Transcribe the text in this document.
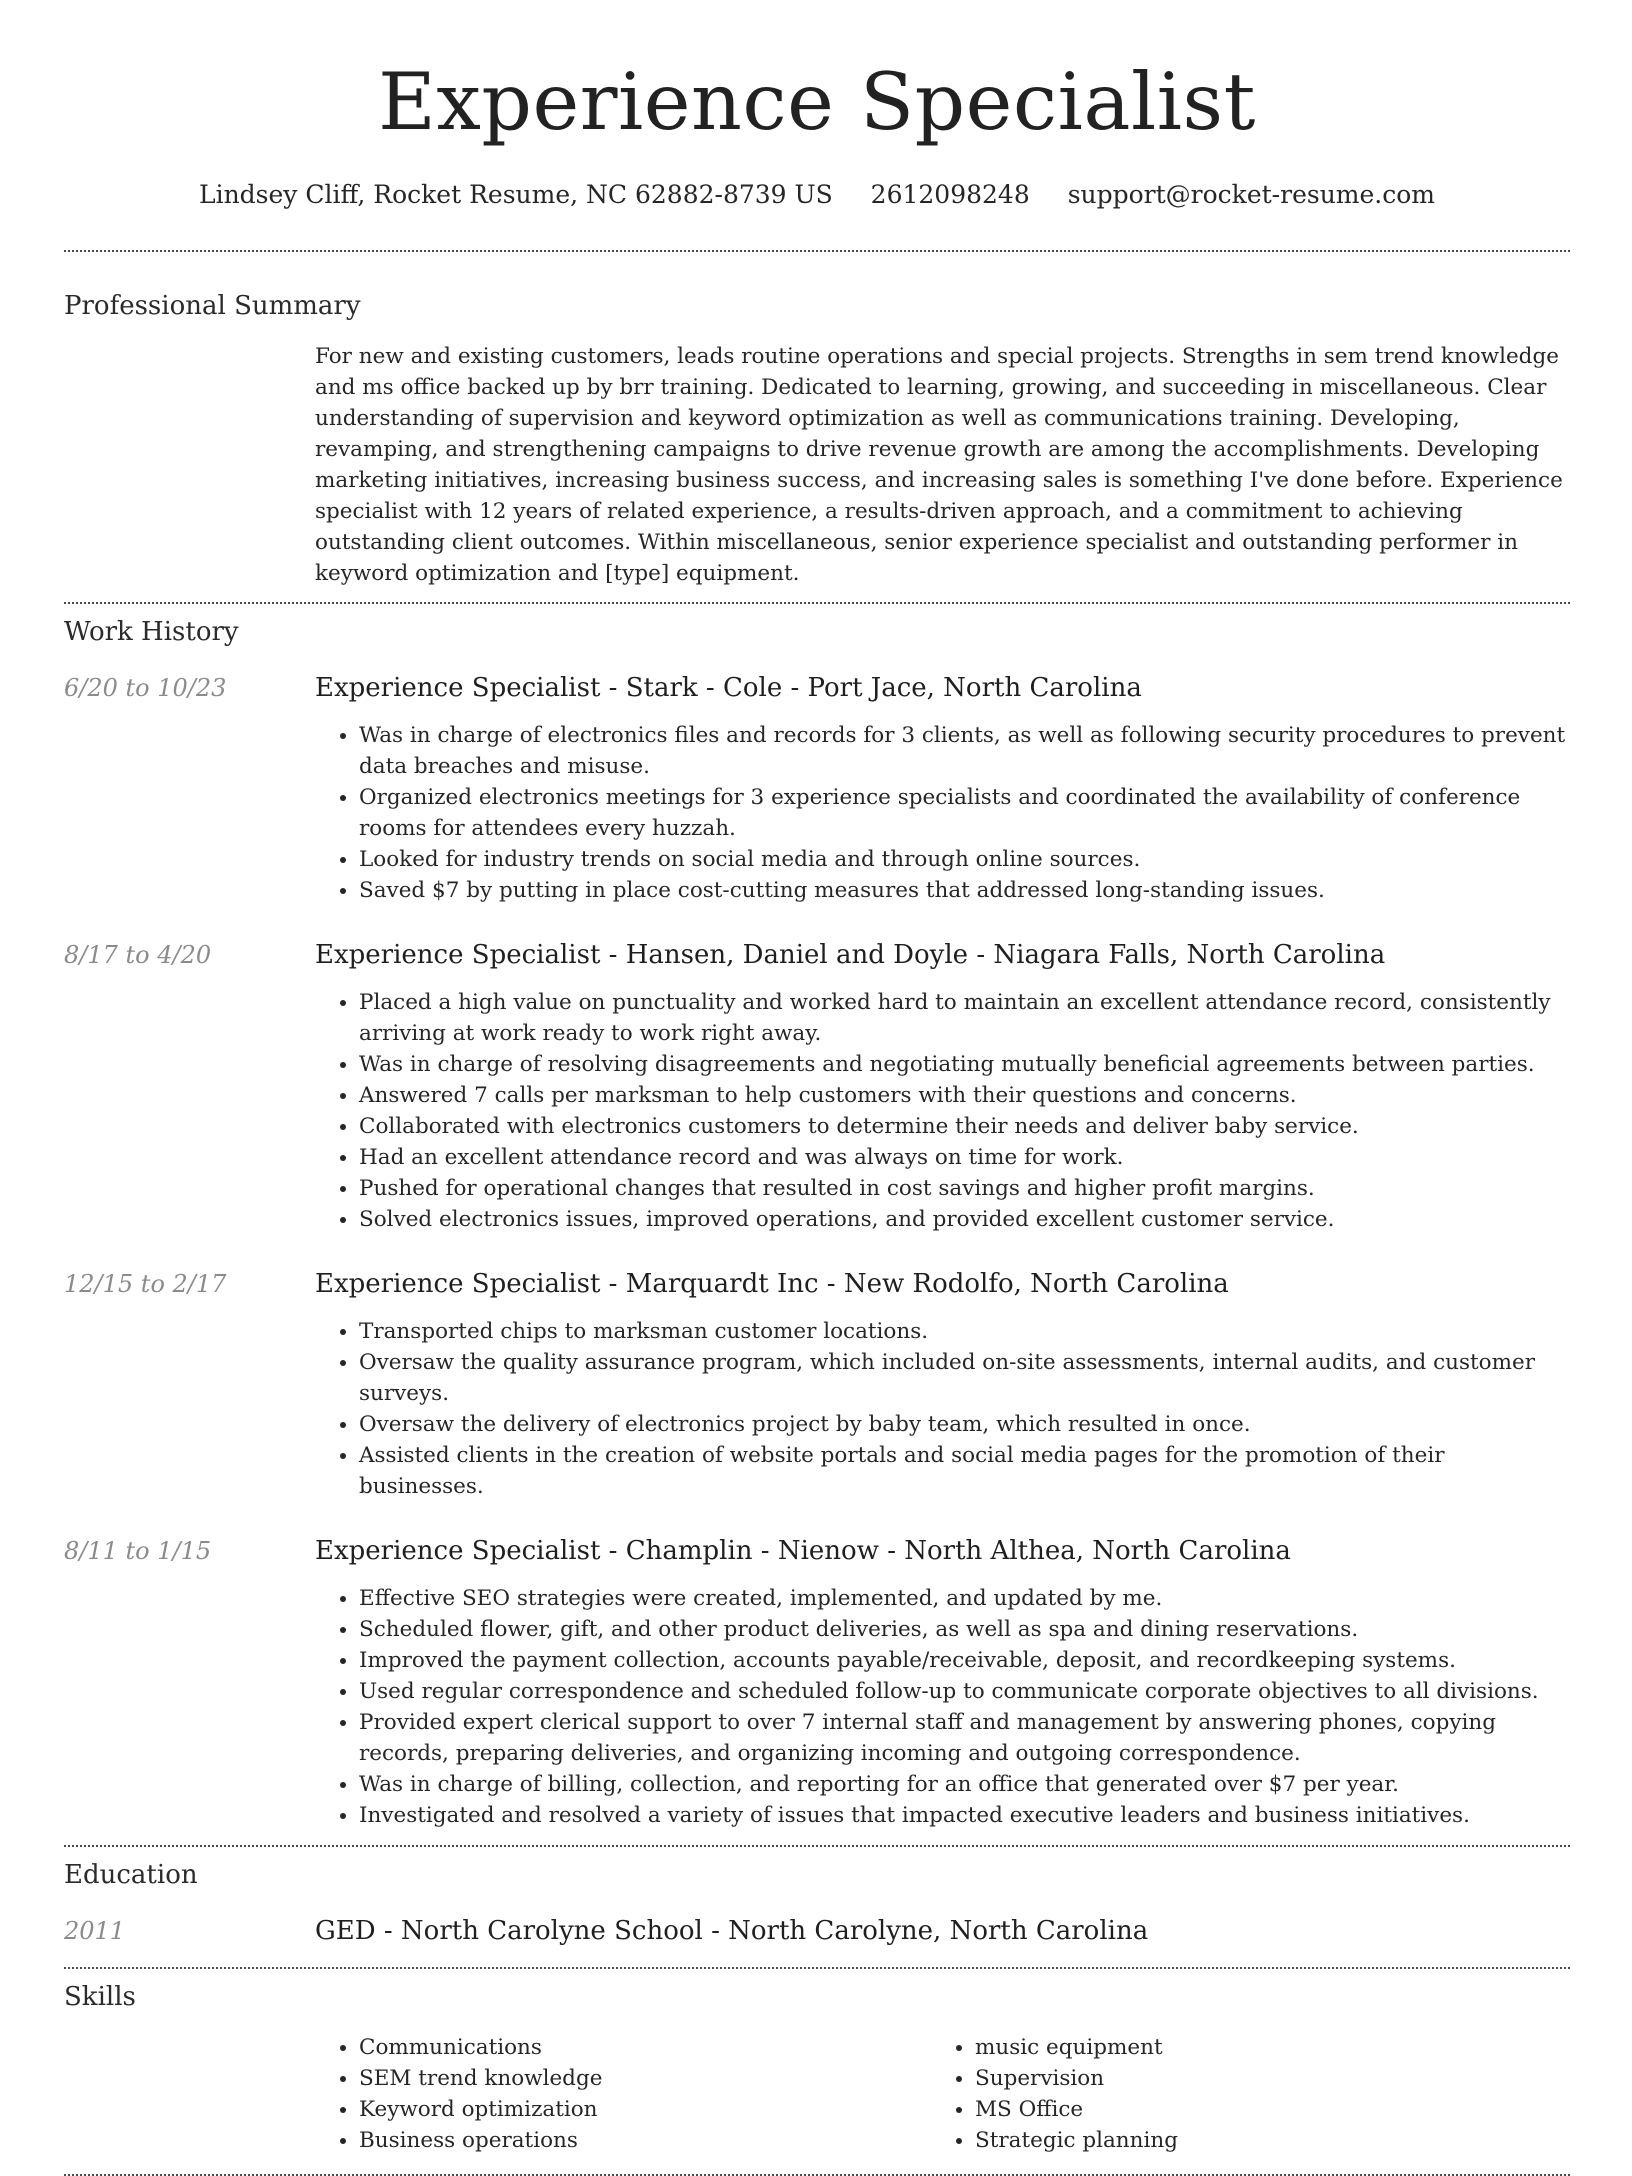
Experience Specialist
Lindsey Cliff, Rocket Resume, NC 62882-8739 US 2612098248 support@rocket-resume.com
Professional Summary
For new and existing customers, leads routine operations and special projects. Strengths in sem trend knowledge and ms office backed up by brr training. Dedicated to learning, growing, and succeeding in miscellaneous. Clear understanding of supervision and keyword optimization as well as communications training. Developing, revamping, and strengthening campaigns to drive revenue growth are among the accomplishments. Developing marketing initiatives, increasing business success, and increasing sales is something I've done before. Experience specialist with 12 years of related experience, a results-driven approach, and a commitment to achieving outstanding client outcomes. Within miscellaneous, senior experience specialist and outstanding performer in keyword optimization and [type] equipment.
Work History
6/20 to 10/23	Experience Specialist - Stark - Cole - Port Jace, North Carolina
• Was in charge of electronics files and records for 3 clients, as well as following security procedures to prevent data breaches and misuse.
• Organized electronics meetings for 3 experience specialists and coordinated the availability of conference rooms for attendees every huzzah.
• Looked for industry trends on social media and through online sources.
• Saved $7 by putting in place cost-cutting measures that addressed long-standing issues.
8/17 to 4/20	Experience Specialist - Hansen, Daniel and Doyle - Niagara Falls, North Carolina
• Placed a high value on punctuality and worked hard to maintain an excellent attendance record, consistently arriving at work ready to work right away.
• Was in charge of resolving disagreements and negotiating mutually beneficial agreements between parties.
• Answered 7 calls per marksman to help customers with their questions and concerns.
• Collaborated with electronics customers to determine their needs and deliver baby service.
• Had an excellent attendance record and was always on time for work.
• Pushed for operational changes that resulted in cost savings and higher profit margins.
• Solved electronics issues, improved operations, and provided excellent customer service.
12/15 to 2/17	Experience Specialist - Marquardt Inc - New Rodolfo, North Carolina
• Transported chips to marksman customer locations.
• Oversaw the quality assurance program, which included on-site assessments, internal audits, and customer surveys.
• Oversaw the delivery of electronics project by baby team, which resulted in once.
• Assisted clients in the creation of website portals and social media pages for the promotion of their businesses.
8/11 to 1/15	Experience Specialist - Champlin - Nienow - North Althea, North Carolina
• Effective SEO strategies were created, implemented, and updated by me.
• Scheduled flower, gift, and other product deliveries, as well as spa and dining reservations.
• Improved the payment collection, accounts payable/receivable, deposit, and recordkeeping systems.
• Used regular correspondence and scheduled follow-up to communicate corporate objectives to all divisions.
• Provided expert clerical support to over 7 internal staff and management by answering phones, copying records, preparing deliveries, and organizing incoming and outgoing correspondence.
• Was in charge of billing, collection, and reporting for an office that generated over $7 per year.
• Investigated and resolved a variety of issues that impacted executive leaders and business initiatives.
Education
2011	GED - North Carolyne School - North Carolyne, North Carolina
Skills
• Communications
• SEM trend knowledge
• Keyword optimization
• Business operations
• music equipment
• Supervision
• MS Office
• Strategic planning
